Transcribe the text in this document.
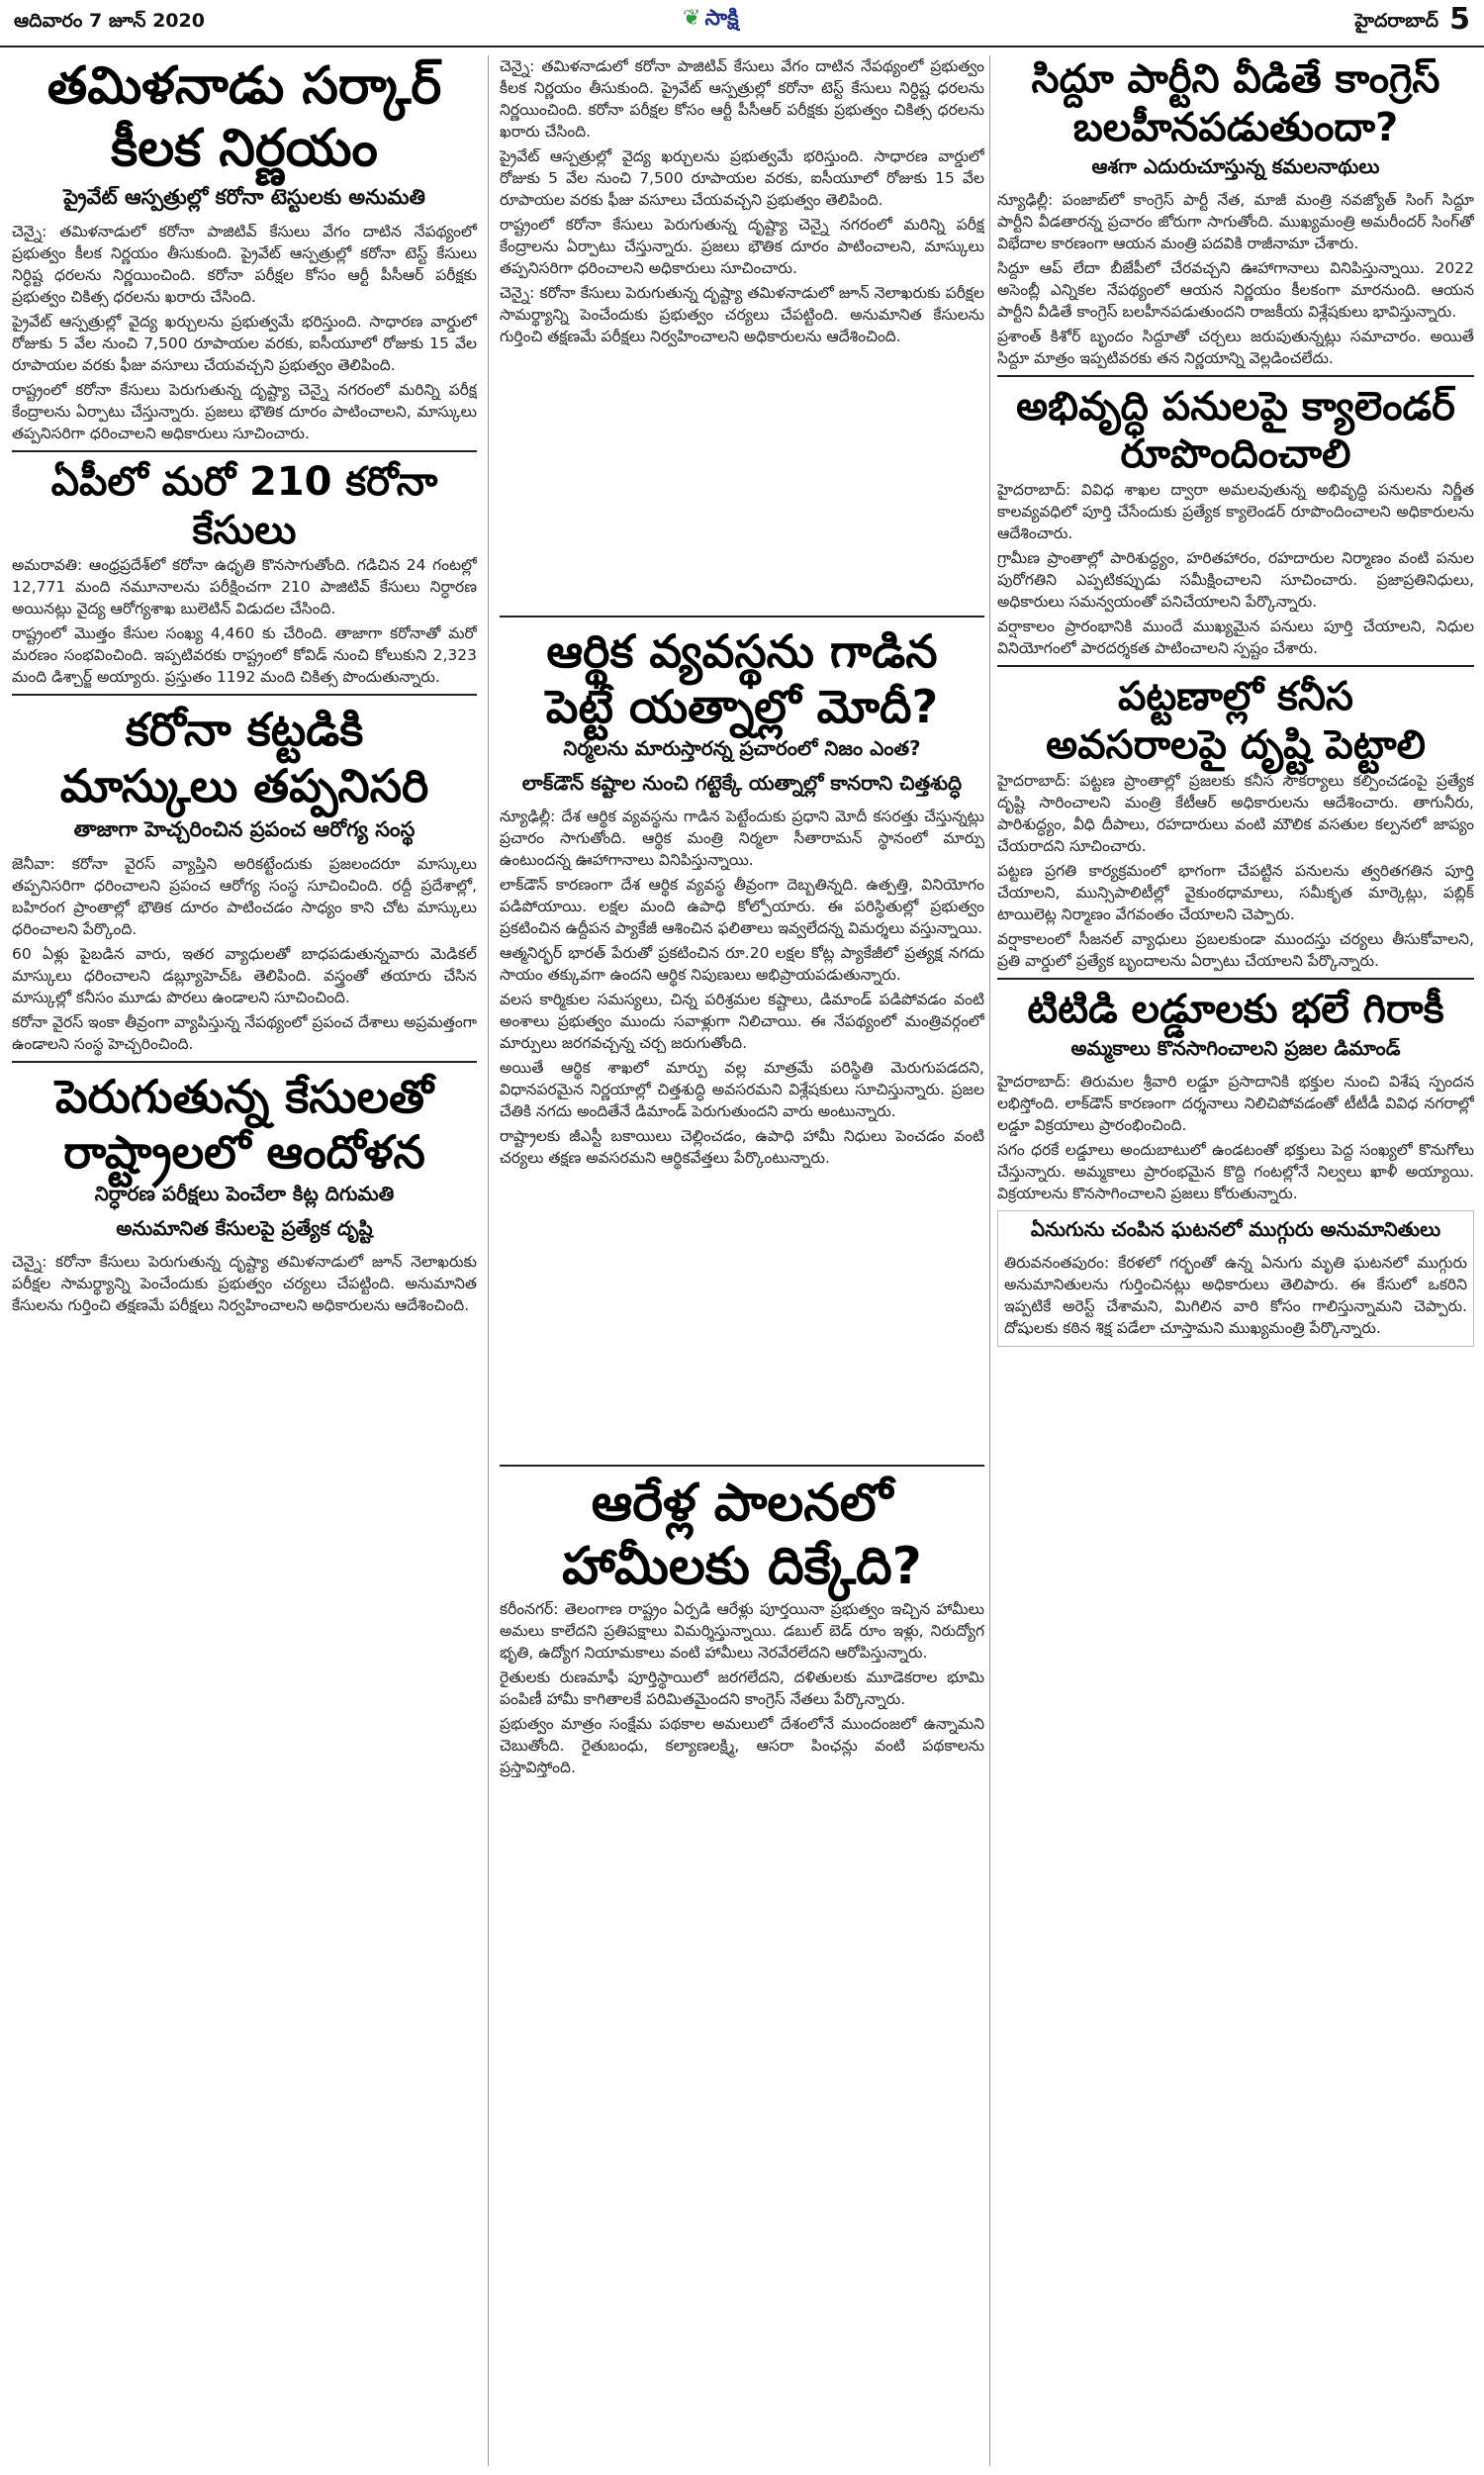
ఆదివారం 7 జూన్ 2020	❦ సాక్షి	హైదరాబాద్ 5
తమిళనాడు సర్కార్
కీలక నిర్ణయం
ప్రైవేట్ ఆస్పత్రుల్లో కరోనా టెస్టులకు అనుమతి

చెన్నై: తమిళనాడులో కరోనా పాజిటివ్ కేసులు వేగం దాటిన నేపథ్యంలో ప్రభుత్వం కీలక నిర్ణయం తీసుకుంది. ప్రైవేట్ ఆస్పత్రుల్లో కరోనా టెస్ట్ కేసులు నిర్ధిష్ట ధరలను నిర్ణయించింది. కరోనా పరీక్షల కోసం ఆర్టీ పీసీఆర్ పరీక్షకు ప్రభుత్వం చికిత్స ధరలను ఖరారు చేసింది.

ప్రైవేట్ ఆస్పత్రుల్లో వైద్య ఖర్చులను ప్రభుత్వమే భరిస్తుంది. సాధారణ వార్డులో రోజుకు 5 వేల నుంచి 7,500 రూపాయల వరకు, ఐసీయూలో రోజుకు 15 వేల రూపాయల వరకు ఫీజు వసూలు చేయవచ్చని ప్రభుత్వం తెలిపింది.

రాష్ట్రంలో కరోనా కేసులు పెరుగుతున్న దృష్ట్యా చెన్నై నగరంలో మరిన్ని పరీక్ష కేంద్రాలను ఏర్పాటు చేస్తున్నారు. ప్రజలు భౌతిక దూరం పాటించాలని, మాస్కులు తప్పనిసరిగా ధరించాలని అధికారులు సూచించారు.

ఏపీలో మరో 210 కరోనా కేసులు

అమరావతి: ఆంధ్రప్రదేశ్‌లో కరోనా ఉధృతి కొనసాగుతోంది. గడిచిన 24 గంటల్లో 12,771 మంది నమూనాలను పరీక్షించగా 210 పాజిటివ్ కేసులు నిర్ధారణ అయినట్లు వైద్య ఆరోగ్యశాఖ బులెటిన్ విడుదల చేసింది.

రాష్ట్రంలో మొత్తం కేసుల సంఖ్య 4,460 కు చేరింది. తాజాగా కరోనాతో మరో మరణం సంభవించింది. ఇప్పటివరకు రాష్ట్రంలో కోవిడ్ నుంచి కోలుకుని 2,323 మంది డిశ్చార్జ్ అయ్యారు. ప్రస్తుతం 1192 మంది చికిత్స పొందుతున్నారు.

కరోనా కట్టడికి
మాస్కులు తప్పనిసరి
తాజాగా హెచ్చరించిన ప్రపంచ ఆరోగ్య సంస్థ

జెనీవా: కరోనా వైరస్ వ్యాప్తిని అరికట్టేందుకు ప్రజలందరూ మాస్కులు తప్పనిసరిగా ధరించాలని ప్రపంచ ఆరోగ్య సంస్థ సూచించింది. రద్దీ ప్రదేశాల్లో, బహిరంగ ప్రాంతాల్లో భౌతిక దూరం పాటించడం సాధ్యం కాని చోట మాస్కులు ధరించాలని పేర్కొంది.

60 ఏళ్లు పైబడిన వారు, ఇతర వ్యాధులతో బాధపడుతున్నవారు మెడికల్ మాస్కులు ధరించాలని డబ్ల్యూహెచ్ఓ తెలిపింది. వస్త్రంతో తయారు చేసిన మాస్కుల్లో కనీసం మూడు పొరలు ఉండాలని సూచించింది.

కరోనా వైరస్ ఇంకా తీవ్రంగా వ్యాపిస్తున్న నేపథ్యంలో ప్రపంచ దేశాలు అప్రమత్తంగా ఉండాలని సంస్థ హెచ్చరించింది.

పెరుగుతున్న కేసులతో
రాష్ట్రాలలో ఆందోళన
నిర్ధారణ పరీక్షలు పెంచేలా కిట్ల దిగుమతి
అనుమానిత కేసులపై ప్రత్యేక దృష్టి

చెన్నై: కరోనా కేసులు పెరుగుతున్న దృష్ట్యా తమిళనాడులో జూన్ నెలాఖరుకు పరీక్షల సామర్థ్యాన్ని పెంచేందుకు ప్రభుత్వం చర్యలు చేపట్టింది. అనుమానిత కేసులను గుర్తించి తక్షణమే పరీక్షలు నిర్వహించాలని అధికారులను ఆదేశించింది.

చెన్నై: తమిళనాడులో కరోనా పాజిటివ్ కేసులు వేగం దాటిన నేపథ్యంలో ప్రభుత్వం కీలక నిర్ణయం తీసుకుంది. ప్రైవేట్ ఆస్పత్రుల్లో కరోనా టెస్ట్ కేసులు నిర్ధిష్ట ధరలను నిర్ణయించింది. కరోనా పరీక్షల కోసం ఆర్టీ పీసీఆర్ పరీక్షకు ప్రభుత్వం చికిత్స ధరలను ఖరారు చేసింది.

ప్రైవేట్ ఆస్పత్రుల్లో వైద్య ఖర్చులను ప్రభుత్వమే భరిస్తుంది. సాధారణ వార్డులో రోజుకు 5 వేల నుంచి 7,500 రూపాయల వరకు, ఐసీయూలో రోజుకు 15 వేల రూపాయల వరకు ఫీజు వసూలు చేయవచ్చని ప్రభుత్వం తెలిపింది.

రాష్ట్రంలో కరోనా కేసులు పెరుగుతున్న దృష్ట్యా చెన్నై నగరంలో మరిన్ని పరీక్ష కేంద్రాలను ఏర్పాటు చేస్తున్నారు. ప్రజలు భౌతిక దూరం పాటించాలని, మాస్కులు తప్పనిసరిగా ధరించాలని అధికారులు సూచించారు.

చెన్నై: కరోనా కేసులు పెరుగుతున్న దృష్ట్యా తమిళనాడులో జూన్ నెలాఖరుకు పరీక్షల సామర్థ్యాన్ని పెంచేందుకు ప్రభుత్వం చర్యలు చేపట్టింది. అనుమానిత కేసులను గుర్తించి తక్షణమే పరీక్షలు నిర్వహించాలని అధికారులను ఆదేశించింది.

ఆర్థిక వ్యవస్థను గాడిన
పెట్టే యత్నాల్లో మోదీ?
నిర్మలను మారుస్తారన్న ప్రచారంలో నిజం ఎంత?
లాక్‌డౌన్ కష్టాల నుంచి గట్టెక్కే యత్నాల్లో కానరాని చిత్తశుద్ధి

న్యూఢిల్లీ: దేశ ఆర్థిక వ్యవస్థను గాడిన పెట్టేందుకు ప్రధాని మోదీ కసరత్తు చేస్తున్నట్లు ప్రచారం సాగుతోంది. ఆర్థిక మంత్రి నిర్మలా సీతారామన్ స్థానంలో మార్పు ఉంటుందన్న ఊహాగానాలు వినిపిస్తున్నాయి.

లాక్‌డౌన్ కారణంగా దేశ ఆర్థిక వ్యవస్థ తీవ్రంగా దెబ్బతిన్నది. ఉత్పత్తి, వినియోగం పడిపోయాయి. లక్షల మంది ఉపాధి కోల్పోయారు. ఈ పరిస్థితుల్లో ప్రభుత్వం ప్రకటించిన ఉద్దీపన ప్యాకేజీ ఆశించిన ఫలితాలు ఇవ్వలేదన్న విమర్శలు వస్తున్నాయి.

ఆత్మనిర్భర్ భారత్ పేరుతో ప్రకటించిన రూ.20 లక్షల కోట్ల ప్యాకేజీలో ప్రత్యక్ష నగదు సాయం తక్కువగా ఉందని ఆర్థిక నిపుణులు అభిప్రాయపడుతున్నారు.

వలస కార్మికుల సమస్యలు, చిన్న పరిశ్రమల కష్టాలు, డిమాండ్ పడిపోవడం వంటి అంశాలు ప్రభుత్వం ముందు సవాళ్లుగా నిలిచాయి. ఈ నేపథ్యంలో మంత్రివర్గంలో మార్పులు జరగవచ్చన్న చర్చ జరుగుతోంది.

అయితే ఆర్థిక శాఖలో మార్పు వల్ల మాత్రమే పరిస్థితి మెరుగుపడదని, విధానపరమైన నిర్ణయాల్లో చిత్తశుద్ధి అవసరమని విశ్లేషకులు సూచిస్తున్నారు. ప్రజల చేతికి నగదు అందితేనే డిమాండ్ పెరుగుతుందని వారు అంటున్నారు.

రాష్ట్రాలకు జీఎస్టీ బకాయిలు చెల్లించడం, ఉపాధి హామీ నిధులు పెంచడం వంటి చర్యలు తక్షణ అవసరమని ఆర్థికవేత్తలు పేర్కొంటున్నారు.

ఆరేళ్ల పాలనలో
హామీలకు దిక్కేది?

కరీంనగర్: తెలంగాణ రాష్ట్రం ఏర్పడి ఆరేళ్లు పూర్తయినా ప్రభుత్వం ఇచ్చిన హామీలు అమలు కాలేదని ప్రతిపక్షాలు విమర్శిస్తున్నాయి. డబుల్ బెడ్ రూం ఇళ్లు, నిరుద్యోగ భృతి, ఉద్యోగ నియామకాలు వంటి హామీలు నెరవేరలేదని ఆరోపిస్తున్నారు.

రైతులకు రుణమాఫీ పూర్తిస్థాయిలో జరగలేదని, దళితులకు మూడెకరాల భూమి పంపిణీ హామీ కాగితాలకే పరిమితమైందని కాంగ్రెస్ నేతలు పేర్కొన్నారు.

ప్రభుత్వం మాత్రం సంక్షేమ పథకాల అమలులో దేశంలోనే ముందంజలో ఉన్నామని చెబుతోంది. రైతుబంధు, కల్యాణలక్ష్మి, ఆసరా పింఛన్లు వంటి పథకాలను ప్రస్తావిస్తోంది.

సిద్దూ పార్టీని వీడితే కాంగ్రెస్
బలహీనపడుతుందా?
ఆశగా ఎదురుచూస్తున్న కమలనాథులు

న్యూఢిల్లీ: పంజాబ్‌లో కాంగ్రెస్ పార్టీ నేత, మాజీ మంత్రి నవజ్యోత్ సింగ్ సిద్దూ పార్టీని వీడతారన్న ప్రచారం జోరుగా సాగుతోంది. ముఖ్యమంత్రి అమరీందర్ సింగ్‌తో విభేదాల కారణంగా ఆయన మంత్రి పదవికి రాజీనామా చేశారు.

సిద్దూ ఆప్ లేదా బీజేపీలో చేరవచ్చని ఊహాగానాలు వినిపిస్తున్నాయి. 2022 అసెంబ్లీ ఎన్నికల నేపథ్యంలో ఆయన నిర్ణయం కీలకంగా మారనుంది. ఆయన పార్టీని వీడితే కాంగ్రెస్ బలహీనపడుతుందని రాజకీయ విశ్లేషకులు భావిస్తున్నారు.

ప్రశాంత్ కిశోర్ బృందం సిద్దూతో చర్చలు జరుపుతున్నట్లు సమాచారం. అయితే సిద్దూ మాత్రం ఇప్పటివరకు తన నిర్ణయాన్ని వెల్లడించలేదు.

అభివృద్ధి పనులపై క్యాలెండర్
రూపొందించాలి

హైదరాబాద్: వివిధ శాఖల ద్వారా అమలవుతున్న అభివృద్ధి పనులను నిర్ణీత కాలవ్యవధిలో పూర్తి చేసేందుకు ప్రత్యేక క్యాలెండర్ రూపొందించాలని అధికారులను ఆదేశించారు.

గ్రామీణ ప్రాంతాల్లో పారిశుద్ధ్యం, హరితహారం, రహదారుల నిర్మాణం వంటి పనుల పురోగతిని ఎప్పటికప్పుడు సమీక్షించాలని సూచించారు. ప్రజాప్రతినిధులు, అధికారులు సమన్వయంతో పనిచేయాలని పేర్కొన్నారు.

వర్షాకాలం ప్రారంభానికి ముందే ముఖ్యమైన పనులు పూర్తి చేయాలని, నిధుల వినియోగంలో పారదర్శకత పాటించాలని స్పష్టం చేశారు.

పట్టణాల్లో కనీస
అవసరాలపై దృష్టి పెట్టాలి

హైదరాబాద్: పట్టణ ప్రాంతాల్లో ప్రజలకు కనీస సౌకర్యాలు కల్పించడంపై ప్రత్యేక దృష్టి సారించాలని మంత్రి కేటీఆర్ అధికారులను ఆదేశించారు. తాగునీరు, పారిశుద్ధ్యం, వీధి దీపాలు, రహదారులు వంటి మౌలిక వసతుల కల్పనలో జాప్యం చేయరాదని సూచించారు.

పట్టణ ప్రగతి కార్యక్రమంలో భాగంగా చేపట్టిన పనులను త్వరితగతిన పూర్తి చేయాలని, మున్సిపాలిటీల్లో వైకుంఠధామాలు, సమీకృత మార్కెట్లు, పబ్లిక్ టాయిలెట్ల నిర్మాణం వేగవంతం చేయాలని చెప్పారు.

వర్షాకాలంలో సీజనల్ వ్యాధులు ప్రబలకుండా ముందస్తు చర్యలు తీసుకోవాలని, ప్రతి వార్డులో ప్రత్యేక బృందాలను ఏర్పాటు చేయాలని పేర్కొన్నారు.

టిటిడి లడ్డూలకు భలే గిరాకీ
అమ్మకాలు కొనసాగించాలని ప్రజల డిమాండ్

హైదరాబాద్: తిరుమల శ్రీవారి లడ్డూ ప్రసాదానికి భక్తుల నుంచి విశేష స్పందన లభిస్తోంది. లాక్‌డౌన్ కారణంగా దర్శనాలు నిలిచిపోవడంతో టీటీడీ వివిధ నగరాల్లో లడ్డూ విక్రయాలు ప్రారంభించింది.

సగం ధరకే లడ్డూలు అందుబాటులో ఉండటంతో భక్తులు పెద్ద సంఖ్యలో కొనుగోలు చేస్తున్నారు. అమ్మకాలు ప్రారంభమైన కొద్ది గంటల్లోనే నిల్వలు ఖాళీ అయ్యాయి. విక్రయాలను కొనసాగించాలని ప్రజలు కోరుతున్నారు.

ఏనుగును చంపిన ఘటనలో ముగ్గురు అనుమానితులు

తిరువనంతపురం: కేరళలో గర్భంతో ఉన్న ఏనుగు మృతి ఘటనలో ముగ్గురు అనుమానితులను గుర్తించినట్లు అధికారులు తెలిపారు. ఈ కేసులో ఒకరిని ఇప్పటికే అరెస్ట్ చేశామని, మిగిలిన వారి కోసం గాలిస్తున్నామని చెప్పారు. దోషులకు కఠిన శిక్ష పడేలా చూస్తామని ముఖ్యమంత్రి పేర్కొన్నారు.
